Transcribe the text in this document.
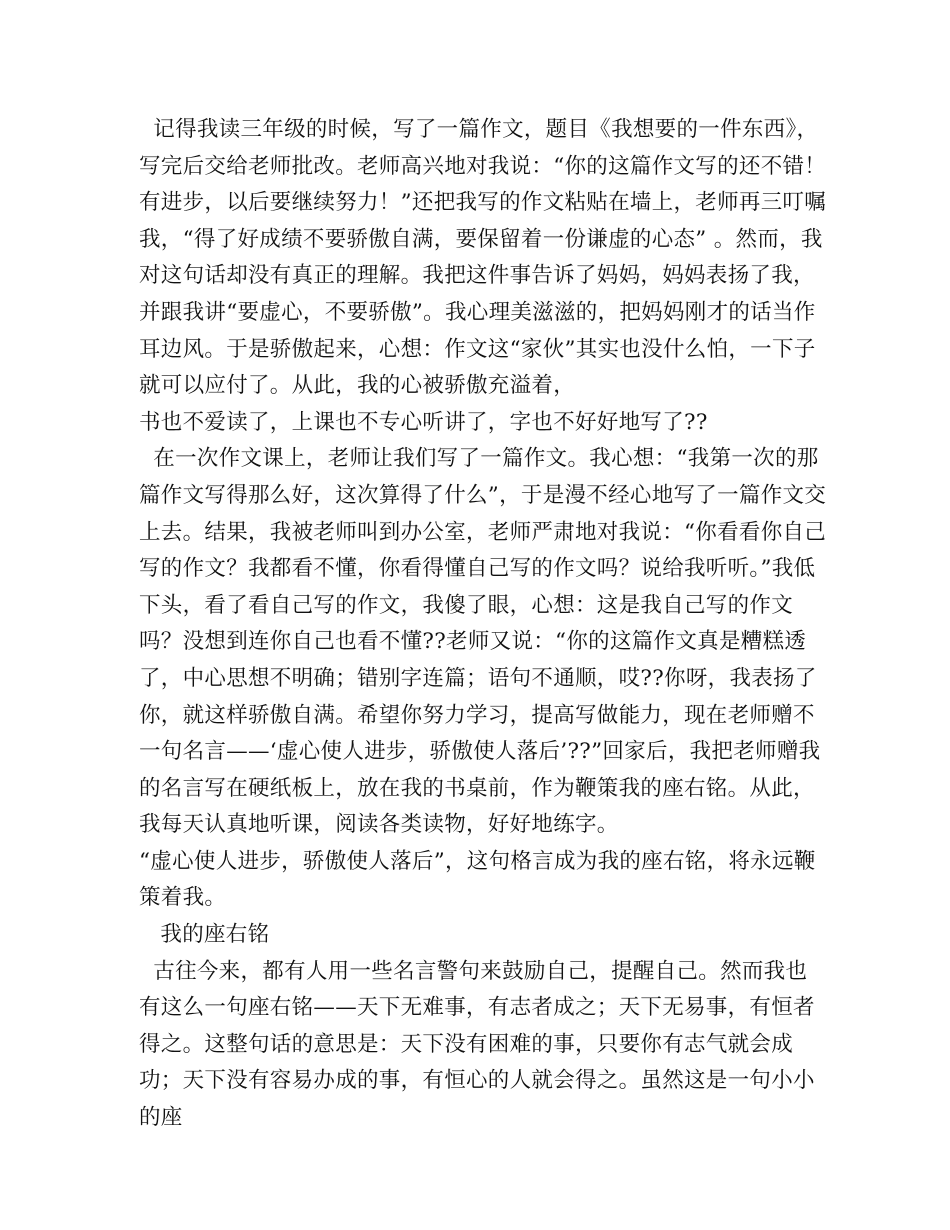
记得我读三年级的时候，写了一篇作文，题目《我想要的一件东西》，写完后交给老师批改。老师高兴地对我说：“你的这篇作文写的还不错！有进步，以后要继续努力！”还把我写的作文粘贴在墙上，老师再三叮嘱我，“得了好成绩不要骄傲自满，要保留着一份谦虚的心态” 。然而，我对这句话却没有真正的理解。我把这件事告诉了妈妈，妈妈表扬了我，并跟我讲“要虚心，不要骄傲”。我心理美滋滋的，把妈妈刚才的话当作耳边风。于是骄傲起来，心想：作文这“家伙”其实也没什么怕，一下子就可以应付了。从此，我的心被骄傲充溢着，

书也不爱读了，上课也不专心听讲了，字也不好好地写了??

在一次作文课上，老师让我们写了一篇作文。我心想：“我第一次的那篇作文写得那么好，这次算得了什么”，于是漫不经心地写了一篇作文交上去。结果，我被老师叫到办公室，老师严肃地对我说：“你看看你自己写的作文？我都看不懂，你看得懂自己写的作文吗？说给我听听。”我低下头，看了看自己写的作文，我傻了眼，心想：这是我自己写的作文吗？没想到连你自己也看不懂??老师又说：“你的这篇作文真是糟糕透了，中心思想不明确；错别字连篇；语句不通顺，哎??你呀，我表扬了你，就这样骄傲自满。希望你努力学习，提高写做能力，现在老师赠不一句名言——‘虚心使人进步，骄傲使人落后’??”回家后，我把老师赠我的名言写在硬纸板上，放在我的书桌前，作为鞭策我的座右铭。从此，我每天认真地听课，阅读各类读物，好好地练字。

“虚心使人进步，骄傲使人落后”，这句格言成为我的座右铭，将永远鞭策着我。

我的座右铭

古往今来，都有人用一些名言警句来鼓励自己，提醒自己。然而我也有这么一句座右铭——天下无难事，有志者成之；天下无易事，有恒者得之。这整句话的意思是：天下没有困难的事，只要你有志气就会成功；天下没有容易办成的事，有恒心的人就会得之。虽然这是一句小小的座
